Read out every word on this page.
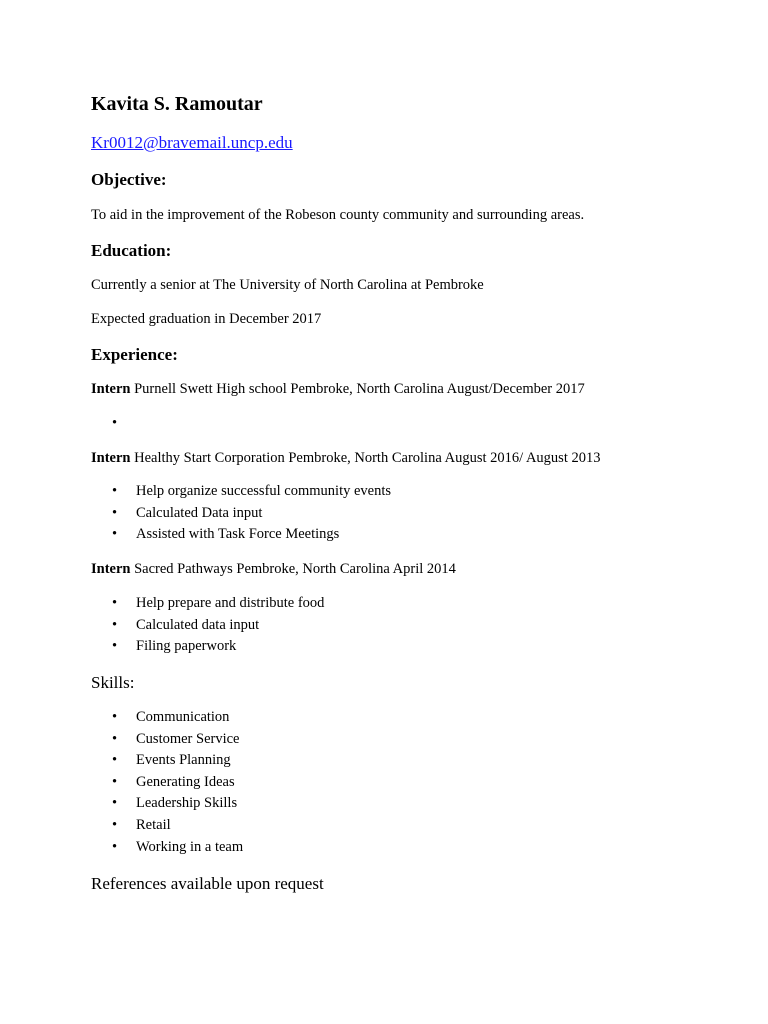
Kavita S. Ramoutar
Kr0012@bravemail.uncp.edu
Objective:
To aid in the improvement of the Robeson county community and surrounding areas.
Education:
Currently a senior at The University of North Carolina at Pembroke
Expected graduation in December 2017
Experience:
Intern Purnell Swett High school Pembroke, North Carolina August/December 2017
•
Intern Healthy Start Corporation Pembroke, North Carolina August 2016/ August 2013
• Help organize successful community events
• Calculated Data input
• Assisted with Task Force Meetings
Intern Sacred Pathways Pembroke, North Carolina April 2014
• Help prepare and distribute food
• Calculated data input
• Filing paperwork
Skills:
• Communication
• Customer Service
• Events Planning
• Generating Ideas
• Leadership Skills
• Retail
• Working in a team
References available upon request
